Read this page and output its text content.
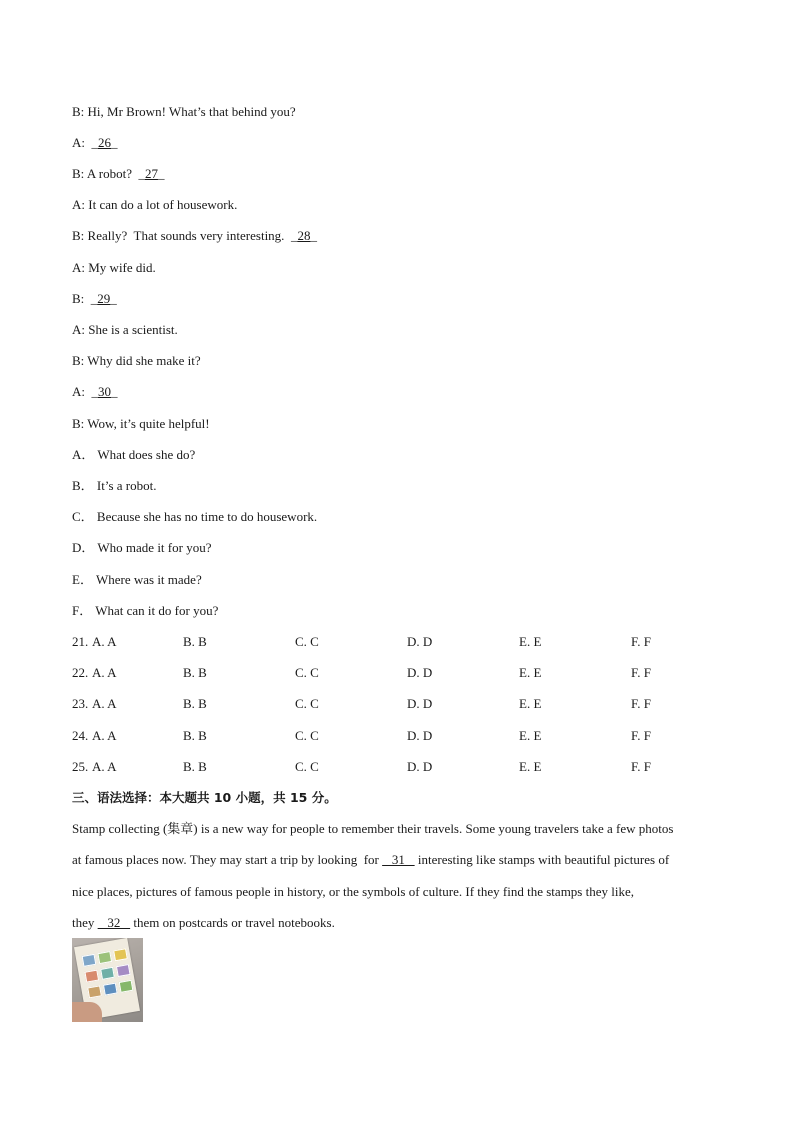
B: Hi, Mr Brown! What’s that behind you?
A:  _26_
B: A robot?  _27_
A: It can do a lot of housework.
B: Really?  That sounds very interesting.  _28_
A: My wife did.
B:  _29_
A: She is a scientist.
B: Why did she make it?
A:  _30_
B: Wow, it’s quite helpful!
A． What does she do?
B． It’s a robot.
C． Because she has no time to do housework.
D． Who made it for you?
E． Where was it made?
F． What can it do for you?
21. A. A	B. B	C. C	D. D	E. E	F. F
22. A. A	B. B	C. C	D. D	E. E	F. F
23. A. A	B. B	C. C	D. D	E. E	F. F
24. A. A	B. B	C. C	D. D	E. E	F. F
25. A. A	B. B	C. C	D. D	E. E	F. F
三、语法选择：本大题共 10 小题，共 15 分。
Stamp collecting (集章) is a new way for people to remember their travels. Some young travelers take a few photos
at famous places now. They may start a trip by looking  for    31    interesting like stamps with beautiful pictures of
nice places, pictures of famous people in history, or the symbols of culture. If they find the stamps they like,
they    32    them on postcards or travel notebooks.
